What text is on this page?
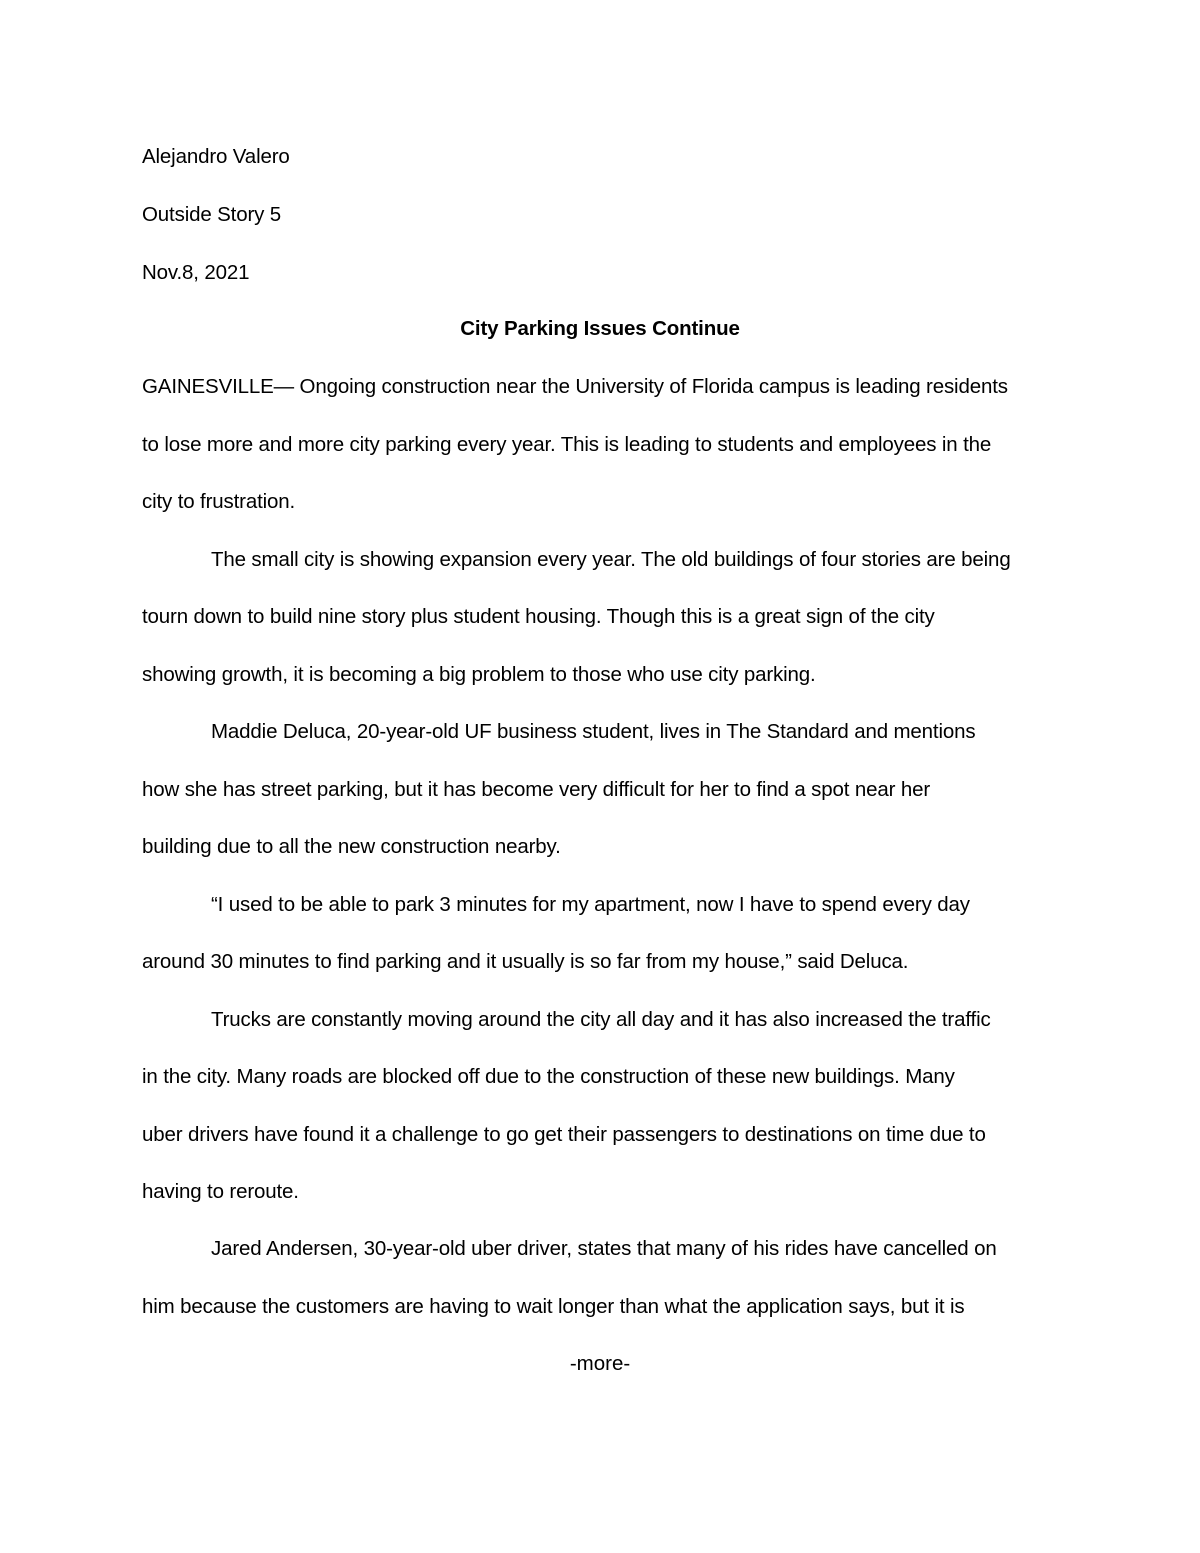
Alejandro Valero
Outside Story 5
Nov.8, 2021
City Parking Issues Continue
GAINESVILLE— Ongoing construction near the University of Florida campus is leading residents
to lose more and more city parking every year. This is leading to students and employees in the
city to frustration.
The small city is showing expansion every year. The old buildings of four stories are being
tourn down to build nine story plus student housing. Though this is a great sign of the city
showing growth, it is becoming a big problem to those who use city parking.
Maddie Deluca, 20-year-old UF business student, lives in The Standard and mentions
how she has street parking, but it has become very difficult for her to find a spot near her
building due to all the new construction nearby.
“I used to be able to park 3 minutes for my apartment, now I have to spend every day
around 30 minutes to find parking and it usually is so far from my house,” said Deluca.
Trucks are constantly moving around the city all day and it has also increased the traffic
in the city. Many roads are blocked off due to the construction of these new buildings. Many
uber drivers have found it a challenge to go get their passengers to destinations on time due to
having to reroute.
Jared Andersen, 30-year-old uber driver, states that many of his rides have cancelled on
him because the customers are having to wait longer than what the application says, but it is
-more-
